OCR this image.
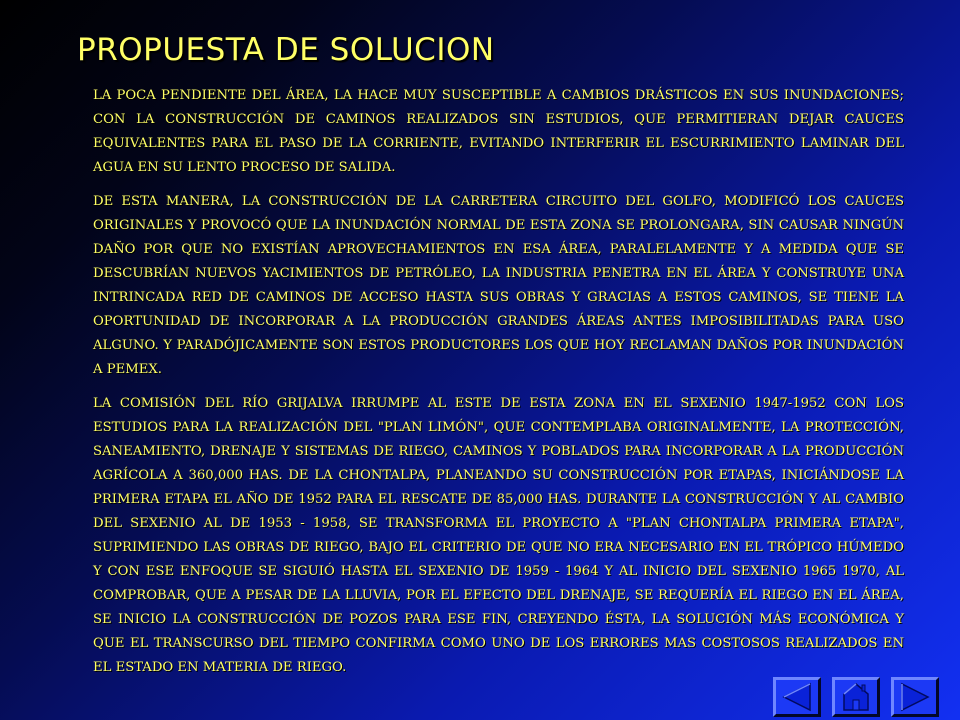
PROPUESTA DE SOLUCION

LA POCA PENDIENTE DEL ÁREA, LA HACE MUY SUSCEPTIBLE A CAMBIOS DRÁSTICOS EN SUS INUNDACIONES; CON LA CONSTRUCCIÓN DE CAMINOS REALIZADOS SIN ESTUDIOS, QUE PERMITIERAN DEJAR CAUCES EQUIVALENTES PARA EL PASO DE LA CORRIENTE, EVITANDO INTERFERIR EL ESCURRIMIENTO LAMINAR DEL AGUA EN SU LENTO PROCESO DE SALIDA.

DE ESTA MANERA, LA CONSTRUCCIÓN DE LA CARRETERA CIRCUITO DEL GOLFO, MODIFICÓ LOS CAUCES ORIGINALES Y PROVOCÓ QUE LA INUNDACIÓN NORMAL DE ESTA ZONA SE PROLONGARA, SIN CAUSAR NINGÚN DAÑO POR QUE NO EXISTÍAN APROVECHAMIENTOS EN ESA ÁREA, PARALELAMENTE Y A MEDIDA QUE SE DESCUBRÍAN NUEVOS YACIMIENTOS DE PETRÓLEO, LA INDUSTRIA PENETRA EN EL ÁREA Y CONSTRUYE UNA INTRINCADA RED DE CAMINOS DE ACCESO HASTA SUS OBRAS Y GRACIAS A ESTOS CAMINOS, SE TIENE LA OPORTUNIDAD DE INCORPORAR A LA PRODUCCIÓN GRANDES ÁREAS ANTES IMPOSIBILITADAS PARA USO ALGUNO. Y PARADÓJICAMENTE SON ESTOS PRODUCTORES LOS QUE HOY RECLAMAN DAÑOS POR INUNDACIÓN A PEMEX.

LA COMISIÓN DEL RÍO GRIJALVA IRRUMPE AL ESTE DE ESTA ZONA EN EL SEXENIO 1947-1952 CON LOS ESTUDIOS PARA LA REALIZACIÓN DEL "PLAN LIMÓN", QUE CONTEMPLABA ORIGINALMENTE, LA PROTECCIÓN, SANEAMIENTO, DRENAJE Y SISTEMAS DE RIEGO, CAMINOS Y POBLADOS PARA INCORPORAR A LA PRODUCCIÓN AGRÍCOLA A 360,000 HAS. DE LA CHONTALPA, PLANEANDO SU CONSTRUCCIÓN POR ETAPAS, INICIÁNDOSE LA PRIMERA ETAPA EL AÑO DE 1952 PARA EL RESCATE DE 85,000 HAS. DURANTE LA CONSTRUCCIÓN Y AL CAMBIO DEL SEXENIO AL DE 1953 - 1958, SE TRANSFORMA EL PROYECTO A "PLAN CHONTALPA PRIMERA ETAPA", SUPRIMIENDO LAS OBRAS DE RIEGO, BAJO EL CRITERIO DE QUE NO ERA NECESARIO EN EL TRÓPICO HÚMEDO Y CON ESE ENFOQUE SE SIGUIÓ HASTA EL SEXENIO DE 1959 - 1964 Y AL INICIO DEL SEXENIO 1965 1970, AL COMPROBAR, QUE A PESAR DE LA LLUVIA, POR EL EFECTO DEL DRENAJE, SE REQUERÍA EL RIEGO EN EL ÁREA, SE INICIO LA CONSTRUCCIÓN DE POZOS PARA ESE FIN, CREYENDO ÉSTA, LA SOLUCIÓN MÁS ECONÓMICA Y QUE EL TRANSCURSO DEL TIEMPO CONFIRMA COMO UNO DE LOS ERRORES MAS COSTOSOS REALIZADOS EN EL ESTADO EN MATERIA DE RIEGO.
